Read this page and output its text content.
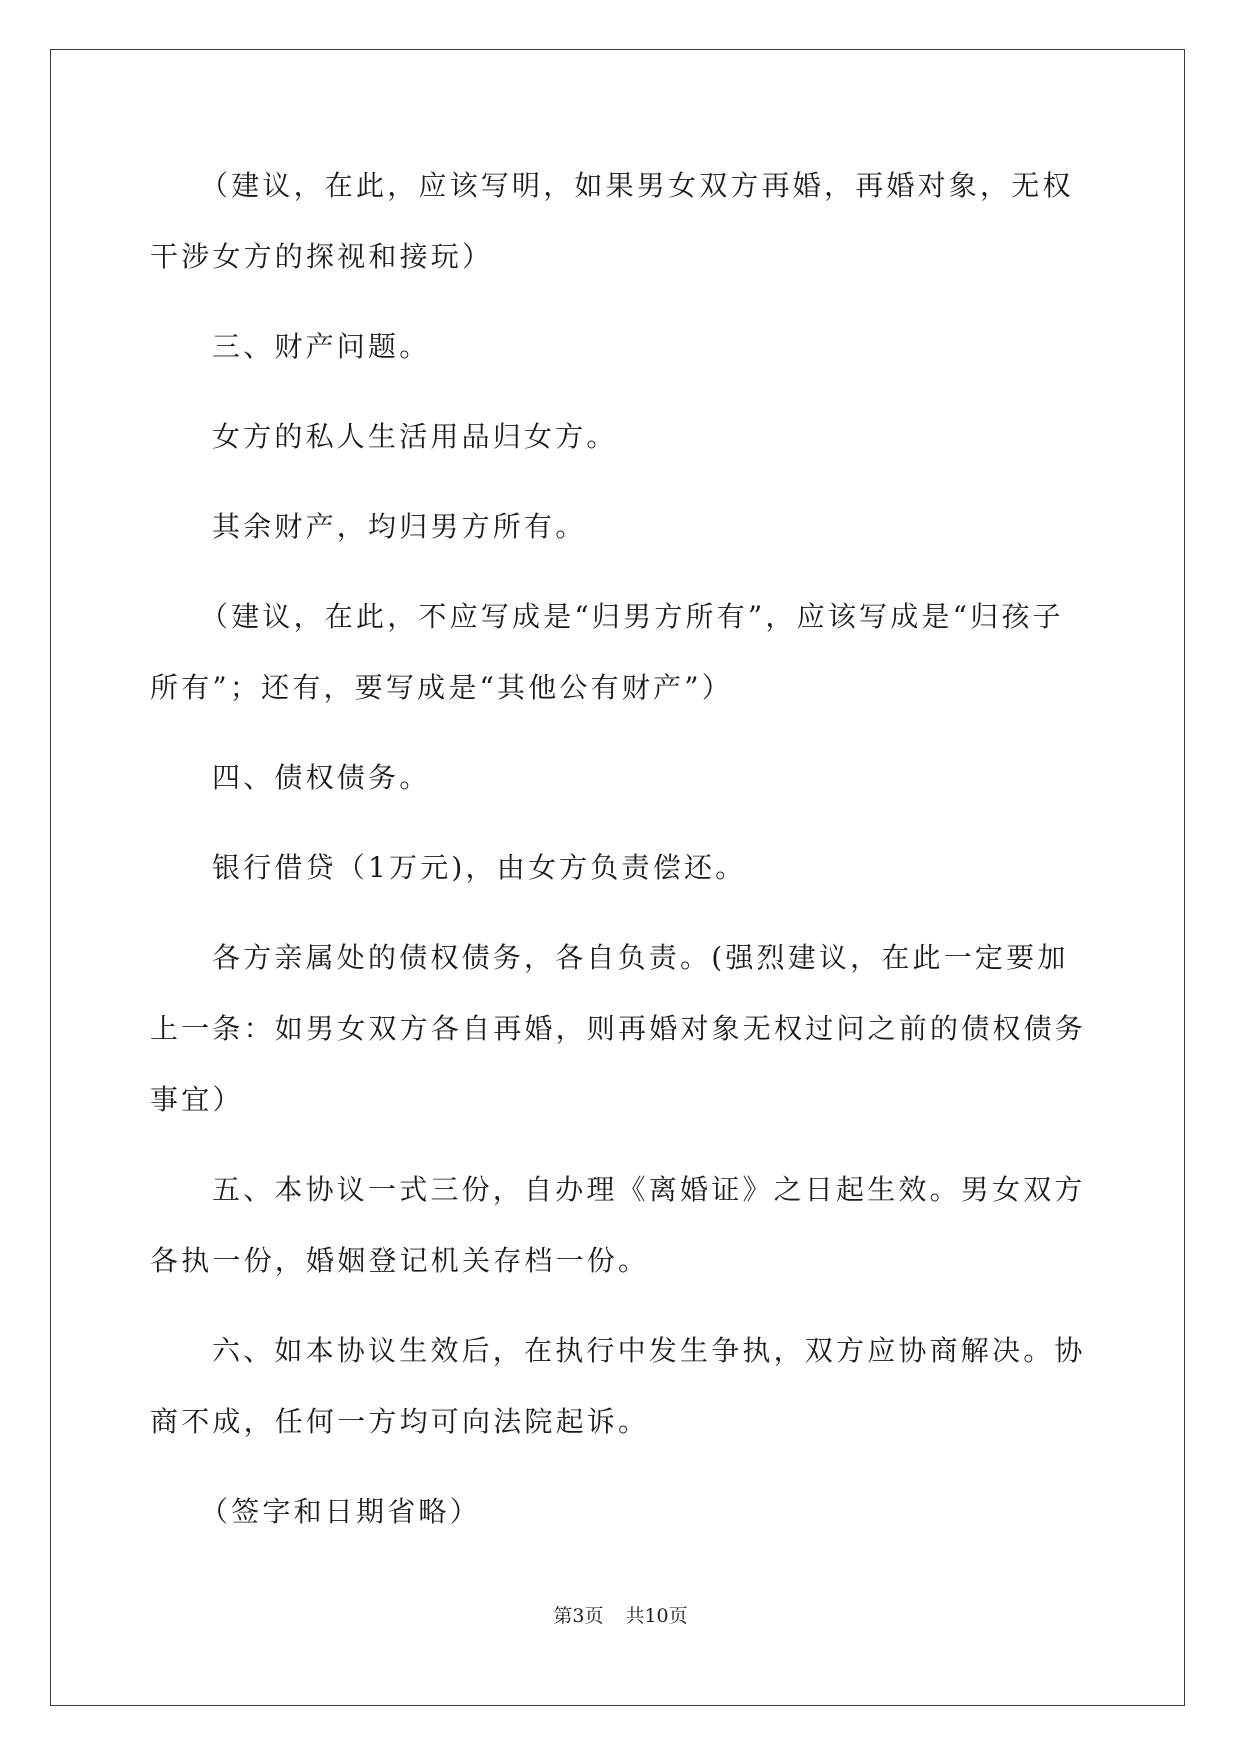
（建议，在此，应该写明，如果男女双方再婚，再婚对象，无权干涉女方的探视和接玩）

三、财产问题。

女方的私人生活用品归女方。

其余财产，均归男方所有。

（建议，在此，不应写成是“归男方所有”，应该写成是“归孩子所有”；还有，要写成是“其他公有财产”）

四、债权债务。

银行借贷（1万元)，由女方负责偿还。

各方亲属处的债权债务，各自负责。(强烈建议，在此一定要加上一条：如男女双方各自再婚，则再婚对象无权过问之前的债权债务事宜）

五、本协议一式三份，自办理《离婚证》之日起生效。男女双方各执一份，婚姻登记机关存档一份。

六、如本协议生效后，在执行中发生争执，双方应协商解决。协商不成，任何一方均可向法院起诉。

（签字和日期省略）

第3页 共10页
